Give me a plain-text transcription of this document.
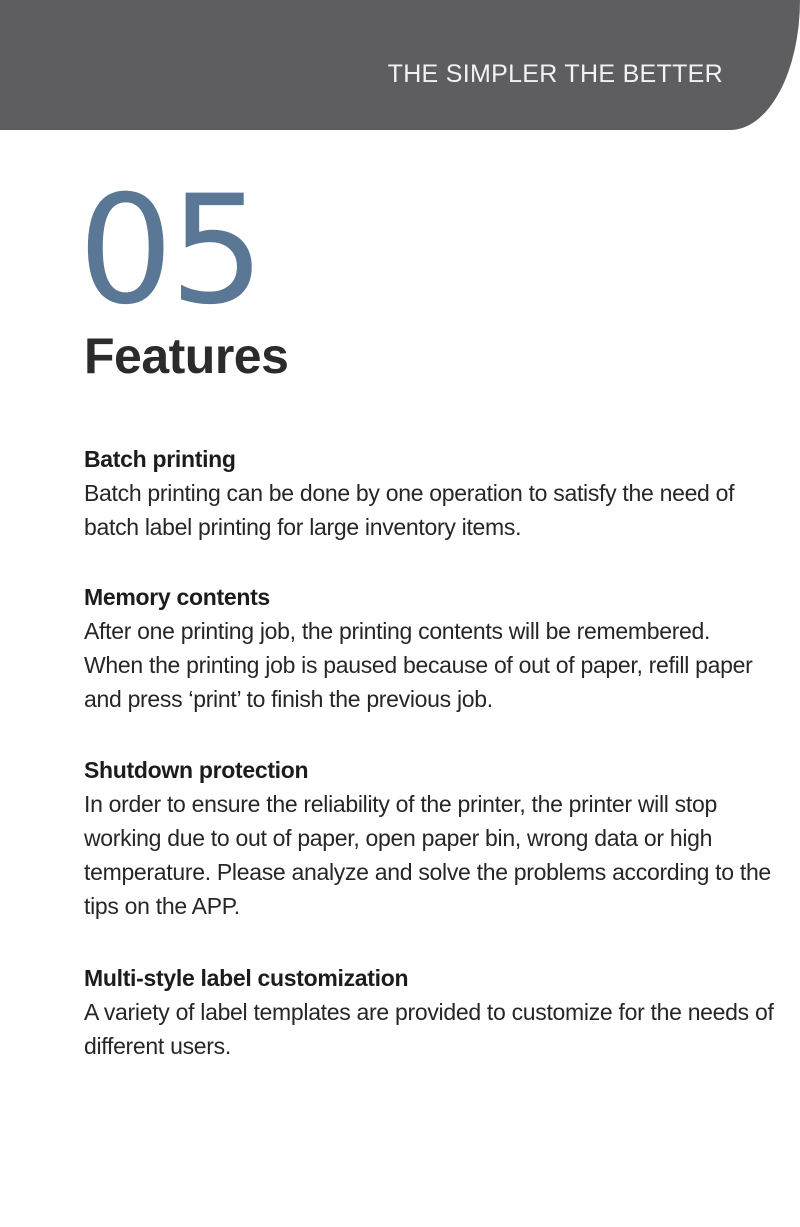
THE SIMPLER THE BETTER
05
Features
Batch printing

Batch printing can be done by one operation to satisfy the need of batch label printing for large inventory items.

Memory contents

After one printing job, the printing contents will be remembered. When the printing job is paused because of out of paper, refill paper and press ‘print’ to finish the previous job.

Shutdown protection

In order to ensure the reliability of the printer, the printer will stop working due to out of paper, open paper bin, wrong data or high temperature. Please analyze and solve the problems according to the tips on the APP.

Multi-style label customization

A variety of label templates are provided to customize for the needs of different users.
